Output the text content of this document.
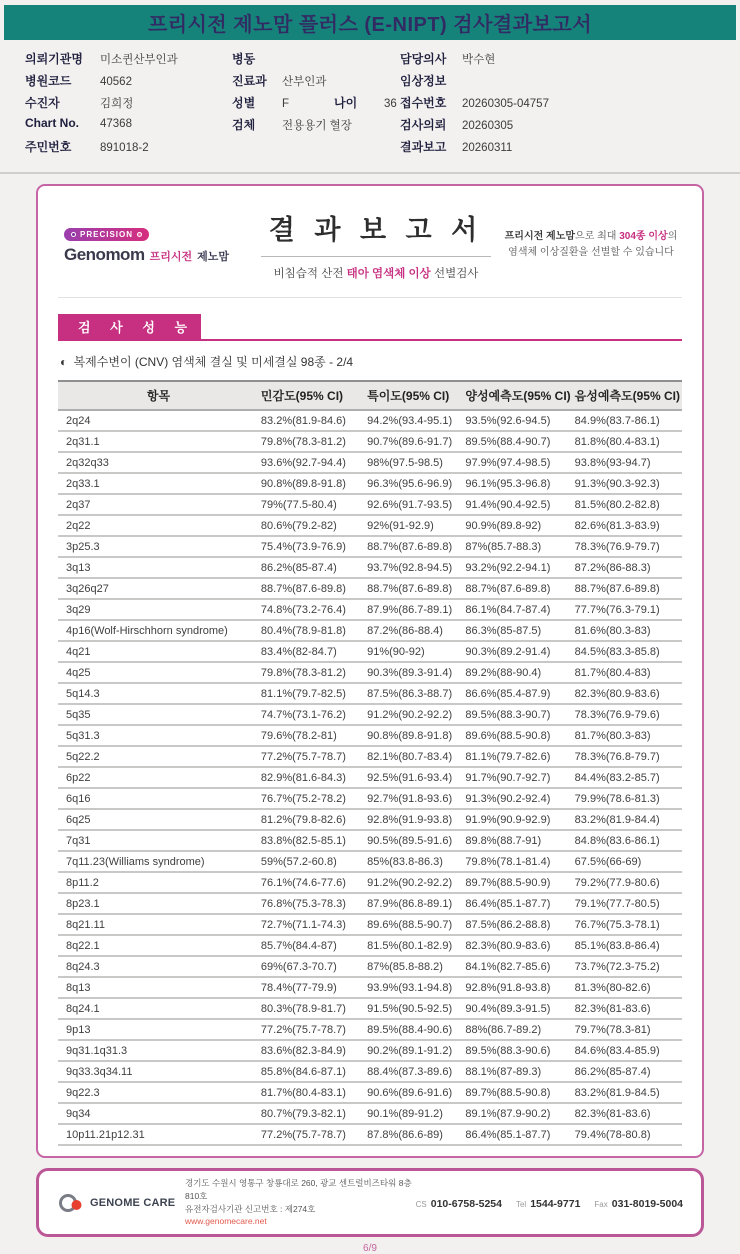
프리시전 제노맘 플러스 (E-NIPT) 검사결과보고서
의뢰기관명	미소퀸산부인과
병원코드	40562
수진자	김희정
Chart No.	47368
주민번호	891018-2
병동
진료과	산부인과
성별	F	나이	36
검체	전용용기 혈장
담당의사	박수현
임상정보
접수번호	20260305-04757
검사의뢰	20260305
결과보고	20260311
PRECISION
Genomom 프리시전 제노맘
결 과 보 고 서
비침습적 산전 태아 염색체 이상 선별검사
프리시전 제노맘으로 최대 304종 이상의
염색체 이상질환을 선별할 수 있습니다
검 사 성 능
◐ 복제수변이 (CNV) 염색체 결실 및 미세결실 98종 - 2/4
항목	민감도(95% CI)	특이도(95% CI)	양성예측도(95% CI)	음성예측도(95% CI)
2q24	83.2%(81.9-84.6)	94.2%(93.4-95.1)	93.5%(92.6-94.5)	84.9%(83.7-86.1)
2q31.1	79.8%(78.3-81.2)	90.7%(89.6-91.7)	89.5%(88.4-90.7)	81.8%(80.4-83.1)
2q32q33	93.6%(92.7-94.4)	98%(97.5-98.5)	97.9%(97.4-98.5)	93.8%(93-94.7)
2q33.1	90.8%(89.8-91.8)	96.3%(95.6-96.9)	96.1%(95.3-96.8)	91.3%(90.3-92.3)
2q37	79%(77.5-80.4)	92.6%(91.7-93.5)	91.4%(90.4-92.5)	81.5%(80.2-82.8)
2q22	80.6%(79.2-82)	92%(91-92.9)	90.9%(89.8-92)	82.6%(81.3-83.9)
3p25.3	75.4%(73.9-76.9)	88.7%(87.6-89.8)	87%(85.7-88.3)	78.3%(76.9-79.7)
3q13	86.2%(85-87.4)	93.7%(92.8-94.5)	93.2%(92.2-94.1)	87.2%(86-88.3)
3q26q27	88.7%(87.6-89.8)	88.7%(87.6-89.8)	88.7%(87.6-89.8)	88.7%(87.6-89.8)
3q29	74.8%(73.2-76.4)	87.9%(86.7-89.1)	86.1%(84.7-87.4)	77.7%(76.3-79.1)
4p16(Wolf-Hirschhorn syndrome)	80.4%(78.9-81.8)	87.2%(86-88.4)	86.3%(85-87.5)	81.6%(80.3-83)
4q21	83.4%(82-84.7)	91%(90-92)	90.3%(89.2-91.4)	84.5%(83.3-85.8)
4q25	79.8%(78.3-81.2)	90.3%(89.3-91.4)	89.2%(88-90.4)	81.7%(80.4-83)
5q14.3	81.1%(79.7-82.5)	87.5%(86.3-88.7)	86.6%(85.4-87.9)	82.3%(80.9-83.6)
5q35	74.7%(73.1-76.2)	91.2%(90.2-92.2)	89.5%(88.3-90.7)	78.3%(76.9-79.6)
5q31.3	79.6%(78.2-81)	90.8%(89.8-91.8)	89.6%(88.5-90.8)	81.7%(80.3-83)
5q22.2	77.2%(75.7-78.7)	82.1%(80.7-83.4)	81.1%(79.7-82.6)	78.3%(76.8-79.7)
6p22	82.9%(81.6-84.3)	92.5%(91.6-93.4)	91.7%(90.7-92.7)	84.4%(83.2-85.7)
6q16	76.7%(75.2-78.2)	92.7%(91.8-93.6)	91.3%(90.2-92.4)	79.9%(78.6-81.3)
6q25	81.2%(79.8-82.6)	92.8%(91.9-93.8)	91.9%(90.9-92.9)	83.2%(81.9-84.4)
7q31	83.8%(82.5-85.1)	90.5%(89.5-91.6)	89.8%(88.7-91)	84.8%(83.6-86.1)
7q11.23(Williams syndrome)	59%(57.2-60.8)	85%(83.8-86.3)	79.8%(78.1-81.4)	67.5%(66-69)
8p11.2	76.1%(74.6-77.6)	91.2%(90.2-92.2)	89.7%(88.5-90.9)	79.2%(77.9-80.6)
8p23.1	76.8%(75.3-78.3)	87.9%(86.8-89.1)	86.4%(85.1-87.7)	79.1%(77.7-80.5)
8q21.11	72.7%(71.1-74.3)	89.6%(88.5-90.7)	87.5%(86.2-88.8)	76.7%(75.3-78.1)
8q22.1	85.7%(84.4-87)	81.5%(80.1-82.9)	82.3%(80.9-83.6)	85.1%(83.8-86.4)
8q24.3	69%(67.3-70.7)	87%(85.8-88.2)	84.1%(82.7-85.6)	73.7%(72.3-75.2)
8q13	78.4%(77-79.9)	93.9%(93.1-94.8)	92.8%(91.8-93.8)	81.3%(80-82.6)
8q24.1	80.3%(78.9-81.7)	91.5%(90.5-92.5)	90.4%(89.3-91.5)	82.3%(81-83.6)
9p13	77.2%(75.7-78.7)	89.5%(88.4-90.6)	88%(86.7-89.2)	79.7%(78.3-81)
9q31.1q31.3	83.6%(82.3-84.9)	90.2%(89.1-91.2)	89.5%(88.3-90.6)	84.6%(83.4-85.9)
9q33.3q34.11	85.8%(84.6-87.1)	88.4%(87.3-89.6)	88.1%(87-89.3)	86.2%(85-87.4)
9q22.3	81.7%(80.4-83.1)	90.6%(89.6-91.6)	89.7%(88.5-90.8)	83.2%(81.9-84.5)
9q34	80.7%(79.3-82.1)	90.1%(89-91.2)	89.1%(87.9-90.2)	82.3%(81-83.6)
10p11.21p12.31	77.2%(75.7-78.7)	87.8%(86.6-89)	86.4%(85.1-87.7)	79.4%(78-80.8)
GENOME CARE
경기도 수원시 영통구 창룡대로 260, 광교 센트럴비즈타워 8층 810호
유전자검사기관 신고번호 : 제274호
www.genomecare.net
CS 010-6758-5254 Tel 1544-9771 Fax 031-8019-5004
6/9
